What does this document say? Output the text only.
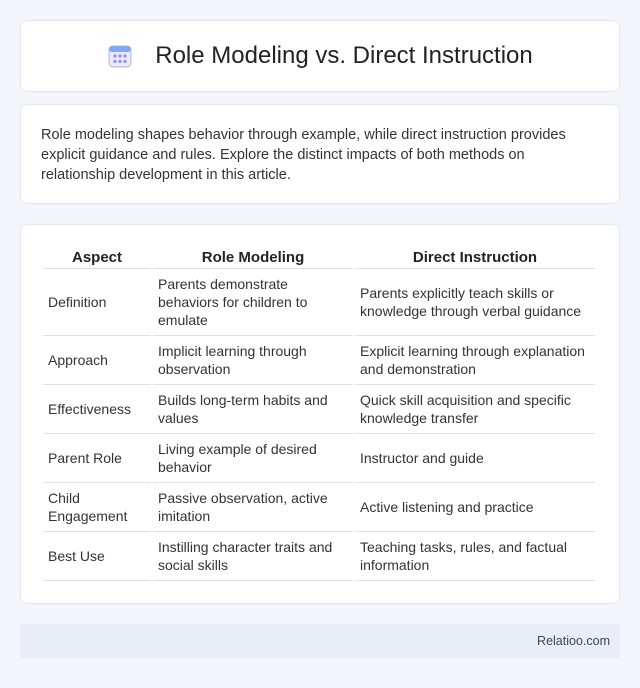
Role Modeling vs. Direct Instruction

Role modeling shapes behavior through example, while direct instruction provides explicit guidance and rules. Explore the distinct impacts of both methods on relationship development in this article.

Aspect	Role Modeling	Direct Instruction
Definition	Parents demonstrate behaviors for children to emulate	Parents explicitly teach skills or knowledge through verbal guidance
Approach	Implicit learning through observation	Explicit learning through explanation and demonstration
Effectiveness	Builds long-term habits and values	Quick skill acquisition and specific knowledge transfer
Parent Role	Living example of desired behavior	Instructor and guide
Child Engagement	Passive observation, active imitation	Active listening and practice
Best Use	Instilling character traits and social skills	Teaching tasks, rules, and factual information
Relatioo.com
